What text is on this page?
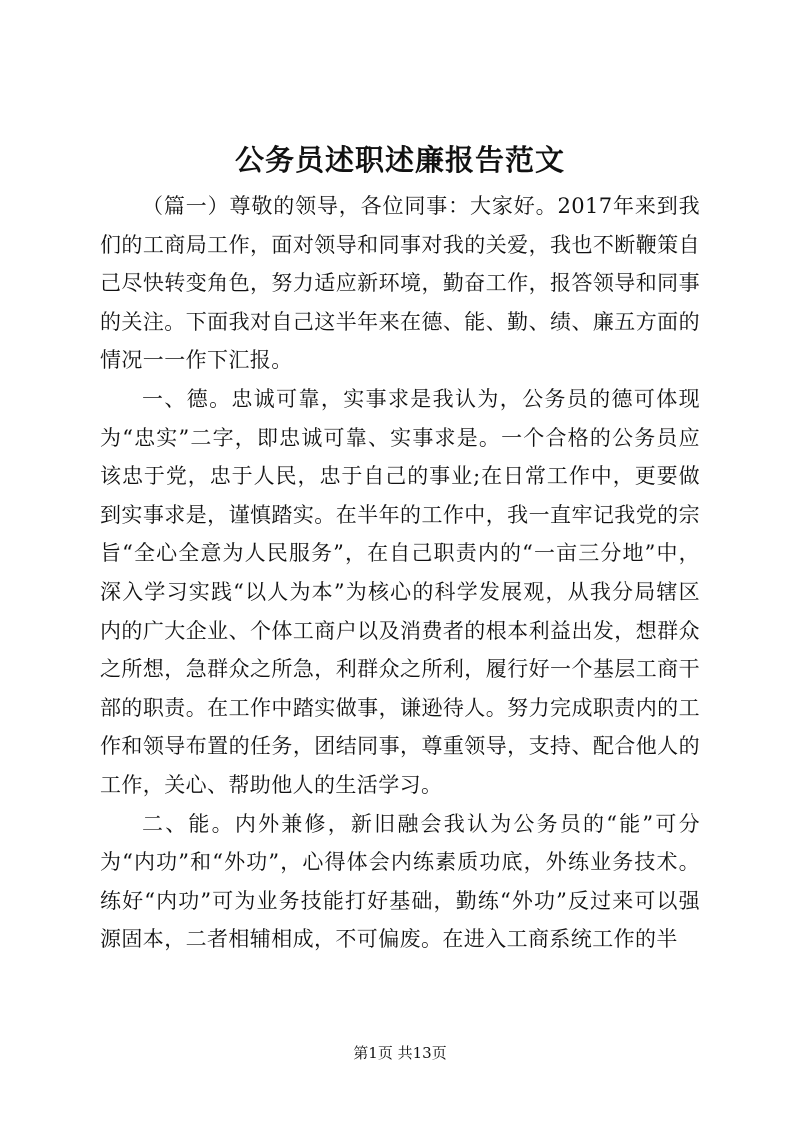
公务员述职述廉报告范文

（篇一）尊敬的领导，各位同事：大家好。2017年来到我们的工商局工作，面对领导和同事对我的关爱，我也不断鞭策自己尽快转变角色，努力适应新环境，勤奋工作，报答领导和同事的关注。下面我对自己这半年来在德、能、勤、绩、廉五方面的情况一一作下汇报。

一、德。忠诚可靠，实事求是我认为，公务员的德可体现为“忠实”二字，即忠诚可靠、实事求是。一个合格的公务员应该忠于党，忠于人民，忠于自己的事业;在日常工作中，更要做到实事求是，谨慎踏实。在半年的工作中，我一直牢记我党的宗旨“全心全意为人民服务”，在自己职责内的“一亩三分地”中，深入学习实践“以人为本”为核心的科学发展观，从我分局辖区内的广大企业、个体工商户以及消费者的根本利益出发，想群众之所想，急群众之所急，利群众之所利，履行好一个基层工商干部的职责。在工作中踏实做事，谦逊待人。努力完成职责内的工作和领导布置的任务，团结同事，尊重领导，支持、配合他人的工作，关心、帮助他人的生活学习。

二、能。内外兼修，新旧融会我认为公务员的“能”可分为“内功”和“外功”，心得体会内练素质功底，外练业务技术。练好“内功”可为业务技能打好基础，勤练“外功”反过来可以强源固本，二者相辅相成，不可偏废。在进入工商系统工作的半

第1页 共13页
